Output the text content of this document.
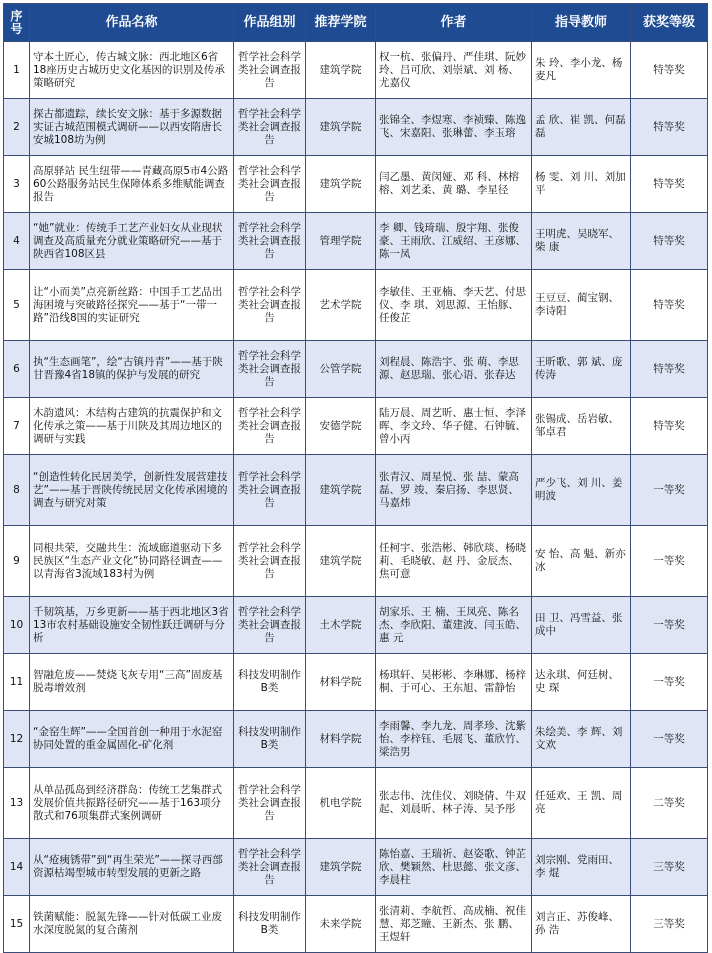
序
号	作品名称	作品组别	推荐学院	作者	指导教师	获奖等级
1	守本土匠心，传古城文脉：西北地区6省18座历史古城历史文化基因的识别及传承策略研究	哲学社会科学类社会调查报告	建筑学院	权一杭、张偏丹、严佳琪、阮妙玲、吕可欣、刘崇斌、刘 杨、尤嘉仪	朱 玲、李小龙、杨麦凡	特等奖
2	探古都遗踪，续长安文脉：基于多源数据实证古城范围模式调研——以西安隋唐长安城108坊为例	哲学社会科学类社会调查报告	建筑学院	张锦全、李煜寒、李祯臻、陈逸飞、宋嘉阳、张琳蕾、李玉瑢	孟 欣、崔 凯、何磊磊	特等奖
3	高原驿站 民生纽带——青藏高原5市4公路60公路服务站民生保障体系多维赋能调查报告	哲学社会科学类社会调查报告	建筑学院	闫乙墨、黄闵娅、邓 科、林榕榕、刘艺柔、黄 璐、李星径	杨 雯、刘 川、刘加平	特等奖
4	“她”就业：传统手工艺产业妇女从业现状调查及高质量充分就业策略研究——基于陕西省108区县	哲学社会科学类社会调查报告	管理学院	李 卿、钱琦瑞、殷宇翔、张俊豪、王雨欣、江威绍、王彦娜、陈一凤	王明虎、吴晓军、柴 康	特等奖
5	让“小而美”点亮新丝路：中国手工艺品出海困境与突破路径探究——基于“一带一路”沿线8国的实证研究	哲学社会科学类社会调查报告	艺术学院	李敏佳、王亚楠、李天艺、付思仪、李 琪、刘思源、王怡豚、任俊芷	王豆豆、蔺宝钢、李诗阳	特等奖
6	执“生态画笔”，绘“古镇丹青”——基于陕甘晋豫4省18镇的保护与发展的研究	哲学社会科学类社会调查报告	公管学院	刘程晨、陈浩宇、张 萌、李思源、赵思瑞、张心语、张春达	王昕歌、郭 斌、庞传涛	特等奖
7	木韵遗风：木结构古建筑的抗震保护和文化传承之策——基于川陕及其周边地区的调研与实践	哲学社会科学类社会调查报告	安德学院	陆万晨、周艺昕、惠士恒、李泽晖、李文玲、华子健、石钟毓、曾小丙	张锡成、岳岩敏、邹卓君	特等奖
8	“创造性转化民居美学，创新性发展营建技艺”——基于晋陕传统民居文化传承困境的调查与研究对策	哲学社会科学类社会调查报告	建筑学院	张青汉、周星悦、张 喆、蒙高磊、罗 竣、秦启扬、李思贤、马嘉炜	严少飞、刘 川、姜明波	一等奖
9	同根共荣，交融共生：流域廊道驱动下多民族区“生态产业文化”协同路径调查——以青海省3流域183村为例	哲学社会科学类社会调查报告	建筑学院	任柯宇、张浩彬、韩欣琰、杨晓莉、毛晓敏、赵 丹、金辰杰、焦可意	安 怡、高 魁、新亦冰	一等奖
10	千韧筑基，万乡更新——基于西北地区3省13市农村基础设施安全韧性跃迁调研与分析	哲学社会科学类社会调查报告	土木学院	胡家乐、王 楠、王凤亮、陈名杰、李欣阳、董建波、闫玉皓、惠 元	田 卫、冯雪益、张成中	一等奖
11	智融危废——焚烧飞灰专用“三高”固废基脱毒增效剂	科技发明制作B类	材料学院	杨琪轩、吴彬彬、李琳娜、杨梓桐、于可心、王东旭、雷静怡	达永琪、何廷树、史 琛	一等奖
12	“金窑生辉”——全国首创一种用于水泥窑协同处置的重金属固化-矿化剂	科技发明制作B类	材料学院	李雨馨、李九龙、周孝珍、沈紫怡、李梓钰、毛展飞、董欣竹、梁浩男	朱绘美、李 辉、刘文欢	一等奖
13	从单品孤岛到经济群岛：传统工艺集群式发展价值共振路径研究——基于163项分散式和76项集群式案例调研	哲学社会科学类社会调查报告	机电学院	张志伟、沈佳仪、刘晓倩、牛双起、刘晨昕、林子涛、吴予彤	任延欢、王 凯、周 亮	二等奖
14	从“疮痍锈带”到“再生荣光”——探寻西部资源枯竭型城市转型发展的更新之路	哲学社会科学类社会调查报告	建筑学院	陈怡嘉、王瑞祈、赵姿歌、钟芷欣、樊颖然、杜思懿、张文彦、李晨柱	刘宗刚、党雨田、李 焜	三等奖
15	铁菌赋能：脱氮先锋——针对低碳工业废水深度脱氮的复合菌剂	科技发明制作B类	未来学院	张清莉、李航哲、高成楠、祝佳慧、郑芝瞳、王新杰、张 鹏、王煜轩	刘言正、苏俊峰、孙 浩	三等奖
